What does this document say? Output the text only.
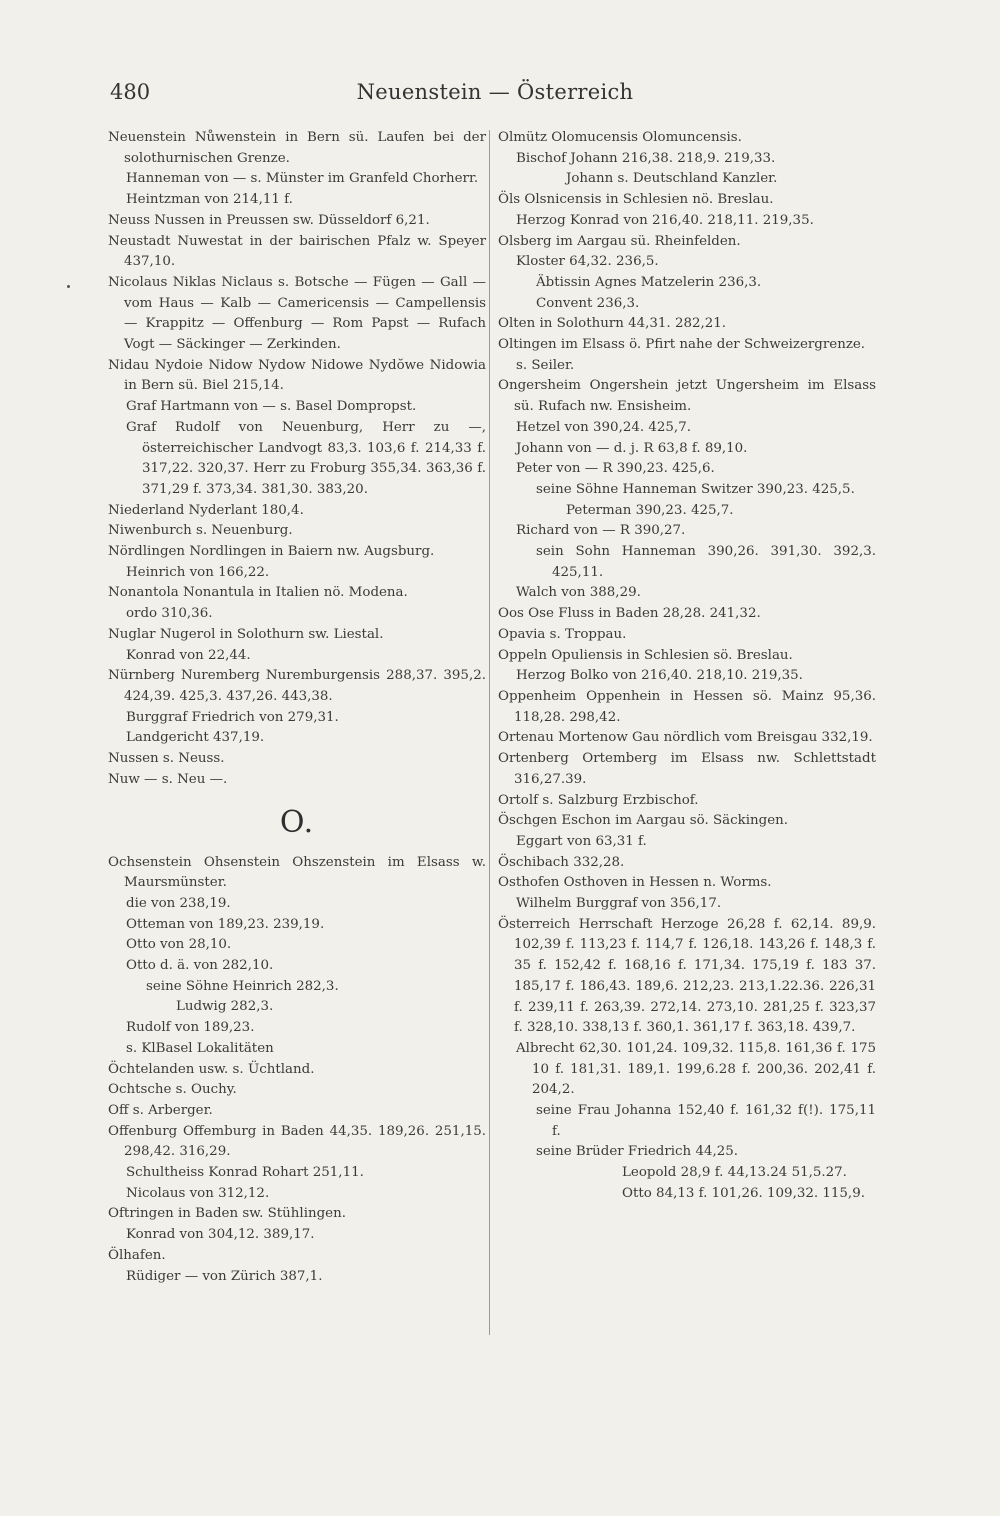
480	Neuenstein — Österreich
Neuenstein Nůwenstein in Bern sü. Laufen bei der solothurnischen Grenze.
Hanneman von — s. Münster im Granfeld Chorherr.
Heintzman von 214,11 f.
Neuss Nussen in Preussen sw. Düsseldorf 6,21.
Neustadt Nuwestat in der bairischen Pfalz w. Speyer 437,10.
Nicolaus Niklas Niclaus s. Botsche — Fügen — Gall — vom Haus — Kalb — Camericensis — Campellensis — Krappitz — Offenburg — Rom Papst — Rufach Vogt — Säckinger — Zerkinden.
Nidau Nydoie Nidow Nydow Nidowe Nydŏwe Nidowia in Bern sü. Biel 215,14.
Graf Hartmann von — s. Basel Dompropst.
Graf Rudolf von Neuenburg, Herr zu —, österreichischer Landvogt 83,3. 103,6 f. 214,33 f. 317,22. 320,37. Herr zu Froburg 355,34. 363,36 f. 371,29 f. 373,34. 381,30. 383,20.
Niederland Nyderlant 180,4.
Niwenburch s. Neuenburg.
Nördlingen Nordlingen in Baiern nw. Augsburg.
Heinrich von 166,22.
Nonantola Nonantula in Italien nö. Modena.
ordo 310,36.
Nuglar Nugerol in Solothurn sw. Liestal.
Konrad von 22,44.
Nürnberg Nuremberg Nuremburgensis 288,37. 395,2. 424,39. 425,3. 437,26. 443,38.
Burggraf Friedrich von 279,31.
Landgericht 437,19.
Nussen s. Neuss.
Nuw — s. Neu —.
O.
Ochsenstein Ohsenstein Ohszenstein im Elsass w. Maursmünster.
die von 238,19.
Otteman von 189,23. 239,19.
Otto von 28,10.
Otto d. ä. von 282,10.
seine Söhne Heinrich 282,3.
Ludwig 282,3.
Rudolf von 189,23.
s. KlBasel Lokalitäten
Öchtelanden usw. s. Üchtland.
Ochtsche s. Ouchy.
Off s. Arberger.
Offenburg Offemburg in Baden 44,35. 189,26. 251,15. 298,42. 316,29.
Schultheiss Konrad Rohart 251,11.
Nicolaus von 312,12.
Oftringen in Baden sw. Stühlingen.
Konrad von 304,12. 389,17.
Ölhafen.
Rüdiger — von Zürich 387,1.
Olmütz Olomucensis Olomuncensis.
Bischof Johann 216,38. 218,9. 219,33.
Johann s. Deutschland Kanzler.
Öls Olsnicensis in Schlesien nö. Breslau.
Herzog Konrad von 216,40. 218,11. 219,35.
Olsberg im Aargau sü. Rheinfelden.
Kloster 64,32. 236,5.
Äbtissin Agnes Matzelerin 236,3.
Convent 236,3.
Olten in Solothurn 44,31. 282,21.
Oltingen im Elsass ö. Pfirt nahe der Schweizergrenze.
s. Seiler.
Ongersheim Ongershein jetzt Ungersheim im Elsass sü. Rufach nw. Ensisheim.
Hetzel von 390,24. 425,7.
Johann von — d. j. R 63,8 f. 89,10.
Peter von — R 390,23. 425,6.
seine Söhne Hanneman Switzer 390,23. 425,5.
Peterman 390,23. 425,7.
Richard von — R 390,27.
sein Sohn Hanneman 390,26. 391,30. 392,3. 425,11.
Walch von 388,29.
Oos Ose Fluss in Baden 28,28. 241,32.
Opavia s. Troppau.
Oppeln Opuliensis in Schlesien sö. Breslau.
Herzog Bolko von 216,40. 218,10. 219,35.
Oppenheim Oppenhein in Hessen sö. Mainz 95,36. 118,28. 298,42.
Ortenau Mortenow Gau nördlich vom Breisgau 332,19.
Ortenberg Ortemberg im Elsass nw. Schlettstadt 316,27.39.
Ortolf s. Salzburg Erzbischof.
Öschgen Eschon im Aargau sö. Säckingen.
Eggart von 63,31 f.
Öschibach 332,28.
Osthofen Osthoven in Hessen n. Worms.
Wilhelm Burggraf von 356,17.
Österreich Herrschaft Herzoge 26,28 f. 62,14. 89,9. 102,39 f. 113,23 f. 114,7 f. 126,18. 143,26 f. 148,3 f. 35 f. 152,42 f. 168,16 f. 171,34. 175,19 f. 183 37. 185,17 f. 186,43. 189,6. 212,23. 213,1.22.36. 226,31 f. 239,11 f. 263,39. 272,14. 273,10. 281,25 f. 323,37 f. 328,10. 338,13 f. 360,1. 361,17 f. 363,18. 439,7.
Albrecht 62,30. 101,24. 109,32. 115,8. 161,36 f. 175 10 f. 181,31. 189,1. 199,6.28 f. 200,36. 202,41 f. 204,2.
seine Frau Johanna 152,40 f. 161,32 f(!). 175,11 f.
seine Brüder Friedrich 44,25.
Leopold 28,9 f. 44,13.24 51,5.27.
Otto 84,13 f. 101,26. 109,32. 115,9.
